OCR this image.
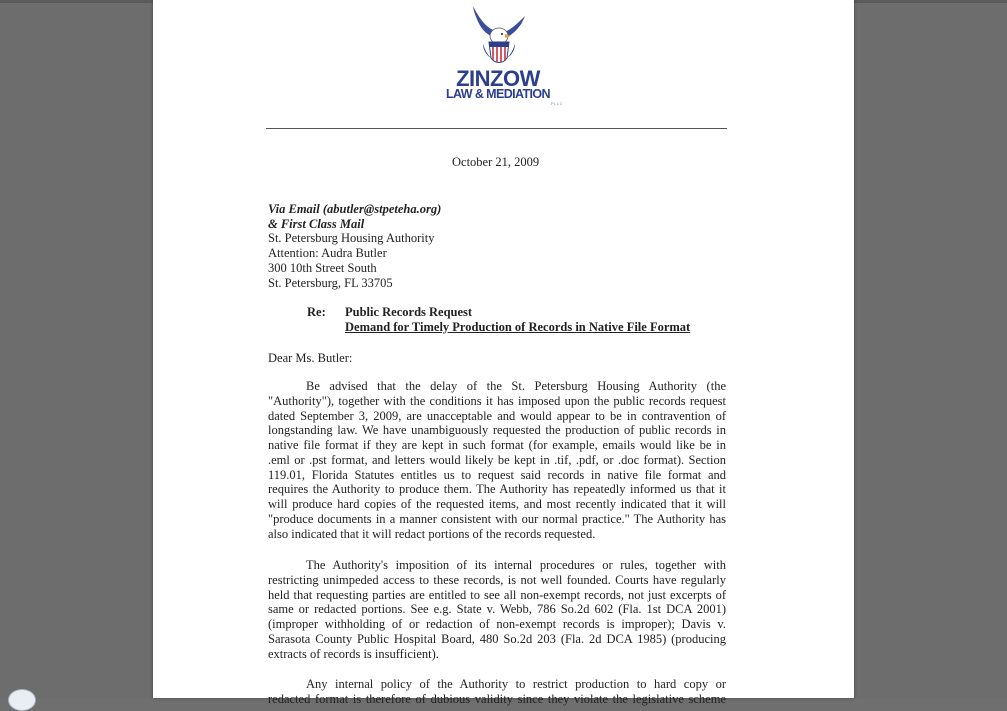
ZINZOW
LAW & MEDIATION
PLLC
October 21, 2009
Via Email (abutler@stpeteha.org)
& First Class Mail
St. Petersburg Housing Authority
Attention: Audra Butler
300 10th Street South
St. Petersburg, FL 33705
Re: Public Records Request
Demand for Timely Production of Records in Native File Format
Dear Ms. Butler:
Be advised that the delay of the St. Petersburg Housing Authority (the
"Authority"), together with the conditions it has imposed upon the public records request
dated September 3, 2009, are unacceptable and would appear to be in contravention of
longstanding law. We have unambiguously requested the production of public records in
native file format if they are kept in such format (for example, emails would like be in
.eml or .pst format, and letters would likely be kept in .tif, .pdf, or .doc format). Section
119.01, Florida Statutes entitles us to request said records in native file format and
requires the Authority to produce them. The Authority has repeatedly informed us that it
will produce hard copies of the requested items, and most recently indicated that it will
"produce documents in a manner consistent with our normal practice." The Authority has
also indicated that it will redact portions of the records requested.
The Authority's imposition of its internal procedures or rules, together with
restricting unimpeded access to these records, is not well founded. Courts have regularly
held that requesting parties are entitled to see all non-exempt records, not just excerpts of
same or redacted portions. See e.g. State v. Webb, 786 So.2d 602 (Fla. 1st DCA 2001)
(improper withholding of or redaction of non-exempt records is improper); Davis v.
Sarasota County Public Hospital Board, 480 So.2d 203 (Fla. 2d DCA 1985) (producing
extracts of records is insufficient).
Any internal policy of the Authority to restrict production to hard copy or
redacted format is therefore of dubious validity since they violate the legislative scheme
